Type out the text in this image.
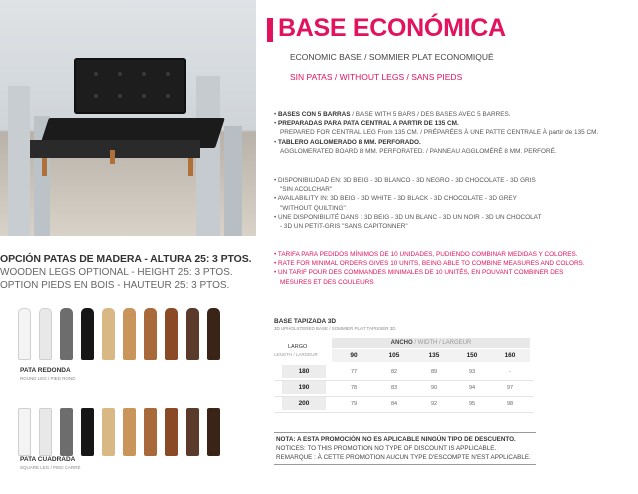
OPCIÓN PATAS DE MADERA - ALTURA 25: 3 PTOS.
WOODEN LEGS OPTIONAL - HEIGHT 25: 3 PTOS.
OPTION PIEDS EN BOIS - HAUTEUR 25: 3 PTOS.
PATA REDONDA
ROUND LEG / PIED ROND
PATA CUADRADA
SQUARE LEG / PIED CARRÉ
BASE ECONÓMICA
ECONOMIC BASE / SOMMIER PLAT ECONOMIQUÉ
SIN PATAS / WITHOUT LEGS / SANS PIEDS
• BASES CON 5 BARRAS / BASE WITH 5 BARS / DES BASES AVEC 5 BARRES.
• PREPARADAS PARA PATA CENTRAL A PARTIR DE 135 CM.
PREPARED FOR CENTRAL LEG From 135 CM. / PRÉPARÉES À UNE PATTE CENTRALE À partir de 135 CM.
• TABLERO AGLOMERADO 8 MM. PERFORADO.
AGGLOMERATED BOARD 8 MM. PERFORATED. / PANNEAU AGGLOMÉRÉ 8 MM. PERFORÉ.
• DISPONIBILIDAD EN: 3D BEIG - 3D BLANCO - 3D NEGRO - 3D CHOCOLATE - 3D GRIS
"SIN ACOLCHAR"
• AVAILABILITY IN: 3D BEIG - 3D WHITE - 3D BLACK - 3D CHOCOLATE - 3D GREY
"WITHOUT QUILTING"
• UNE DISPONIBILITÉ DANS : 3D BEIG - 3D UN BLANC - 3D UN NOIR - 3D UN CHOCOLAT
- 3D UN PETIT-GRIS "SANS CAPITONNER"
• TARIFA PARA PEDIDOS MÍNIMOS DE 10 UNIDADES, PUDIENDO COMBINAR MEDIDAS Y COLORES.
• RATE FOR MINIMAL ORDERS GIVES 10 UNITS, BEING ABLE TO COMBINE MEASURES AND COLORS.
• UN TARIF POUR DES COMMANDES MINIMALES DE 10 UNITÉS, EN POUVANT COMBINER DES
MESURES ET DES COULEURS
BASE TAPIZADA 3D
3D UPHOLSTERED BASE / SOMMIER PLAT TAPISSER 3D
ANCHO / WIDTH / LARGEUR
LARGO
LENGTH / LARGEUR	90	105	135	150	160
180	77	82	89	93	-
190	78	83	90	94	97
200	79	84	92	95	98
NOTA: A ESTA PROMOCIÓN NO ES APLICABLE NINGÚN TIPO DE DESCUENTO.
NOTICES: TO THIS PROMOTION NO TYPE OF DISCOUNT IS APPLICABLE.
REMARQUE : À CETTE PROMOTION AUCUN TYPE D'ESCOMPTE N'EST APPLICABLE.
